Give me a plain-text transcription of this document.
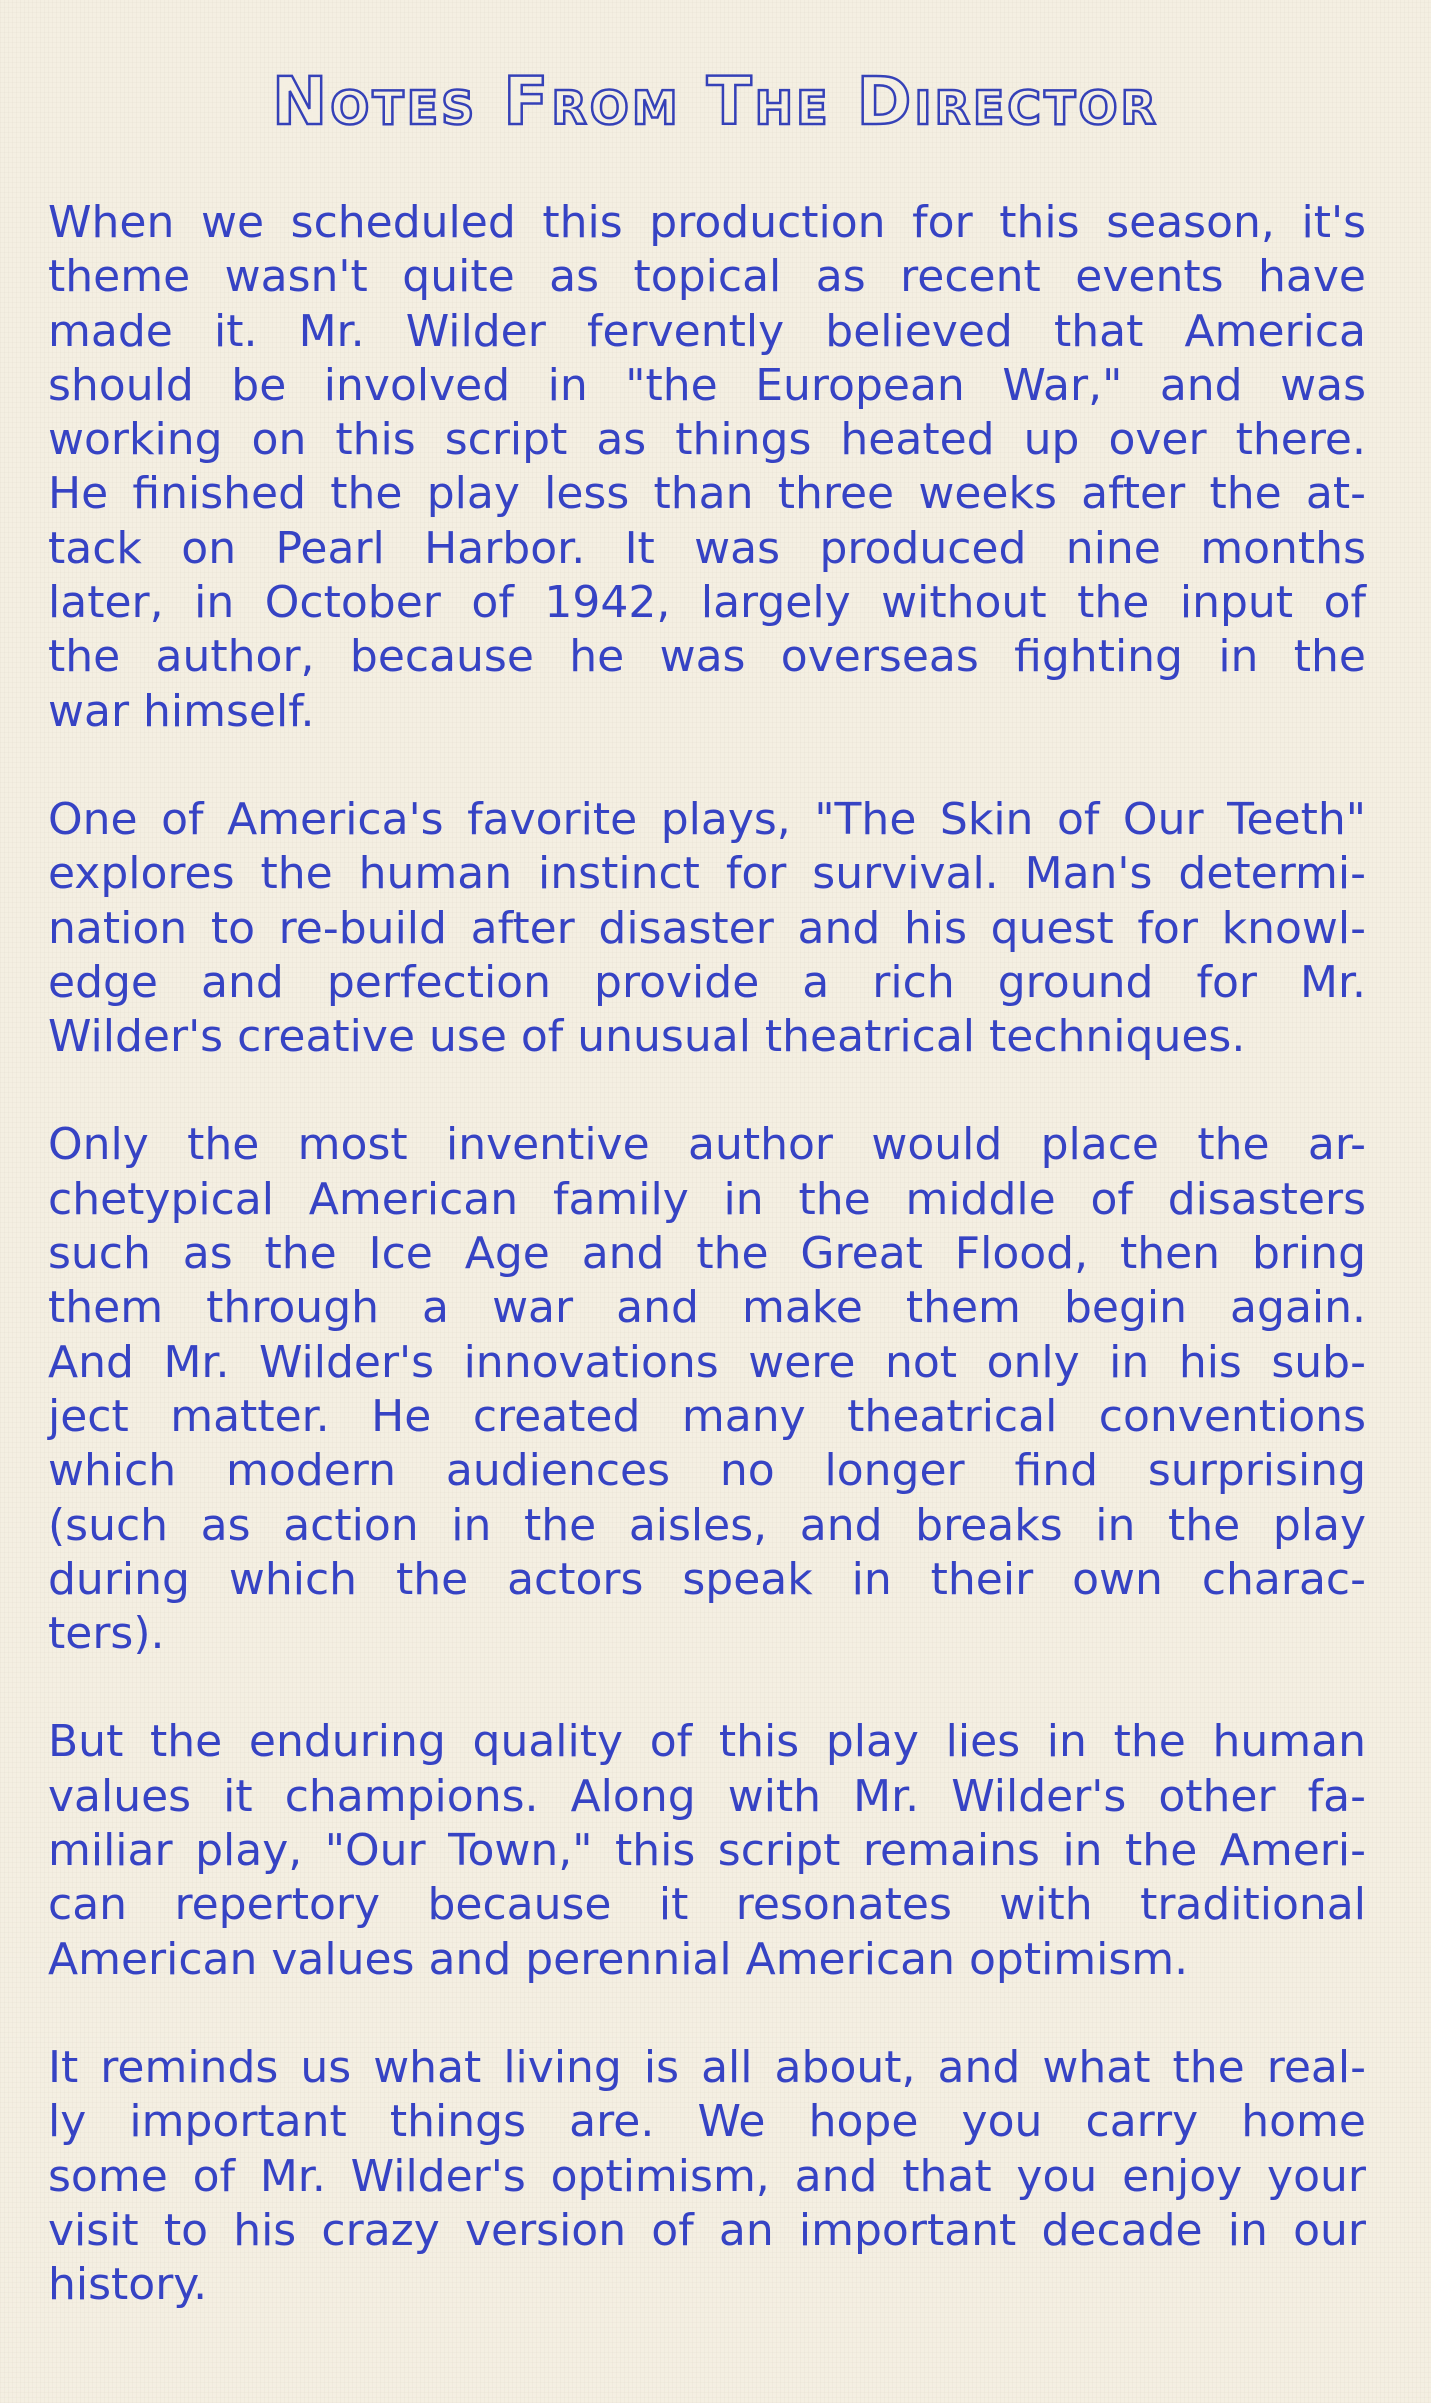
Notes From The Director

When we scheduled this production for this season, it's
theme wasn't quite as topical as recent events have
made it. Mr. Wilder fervently believed that America
should be involved in "the European War," and was
working on this script as things heated up over there.
He finished the play less than three weeks after the at-
tack on Pearl Harbor. It was produced nine months
later, in October of 1942, largely without the input of
the author, because he was overseas fighting in the
war himself.

One of America's favorite plays, "The Skin of Our Teeth"
explores the human instinct for survival. Man's determi-
nation to re-build after disaster and his quest for knowl-
edge and perfection provide a rich ground for Mr.
Wilder's creative use of unusual theatrical techniques.

Only the most inventive author would place the ar-
chetypical American family in the middle of disasters
such as the Ice Age and the Great Flood, then bring
them through a war and make them begin again.
And Mr. Wilder's innovations were not only in his sub-
ject matter. He created many theatrical conventions
which modern audiences no longer find surprising
(such as action in the aisles, and breaks in the play
during which the actors speak in their own charac-
ters).

But the enduring quality of this play lies in the human
values it champions. Along with Mr. Wilder's other fa-
miliar play, "Our Town," this script remains in the Ameri-
can repertory because it resonates with traditional
American values and perennial American optimism.

It reminds us what living is all about, and what the real-
ly important things are. We hope you carry home
some of Mr. Wilder's optimism, and that you enjoy your
visit to his crazy version of an important decade in our
history.
